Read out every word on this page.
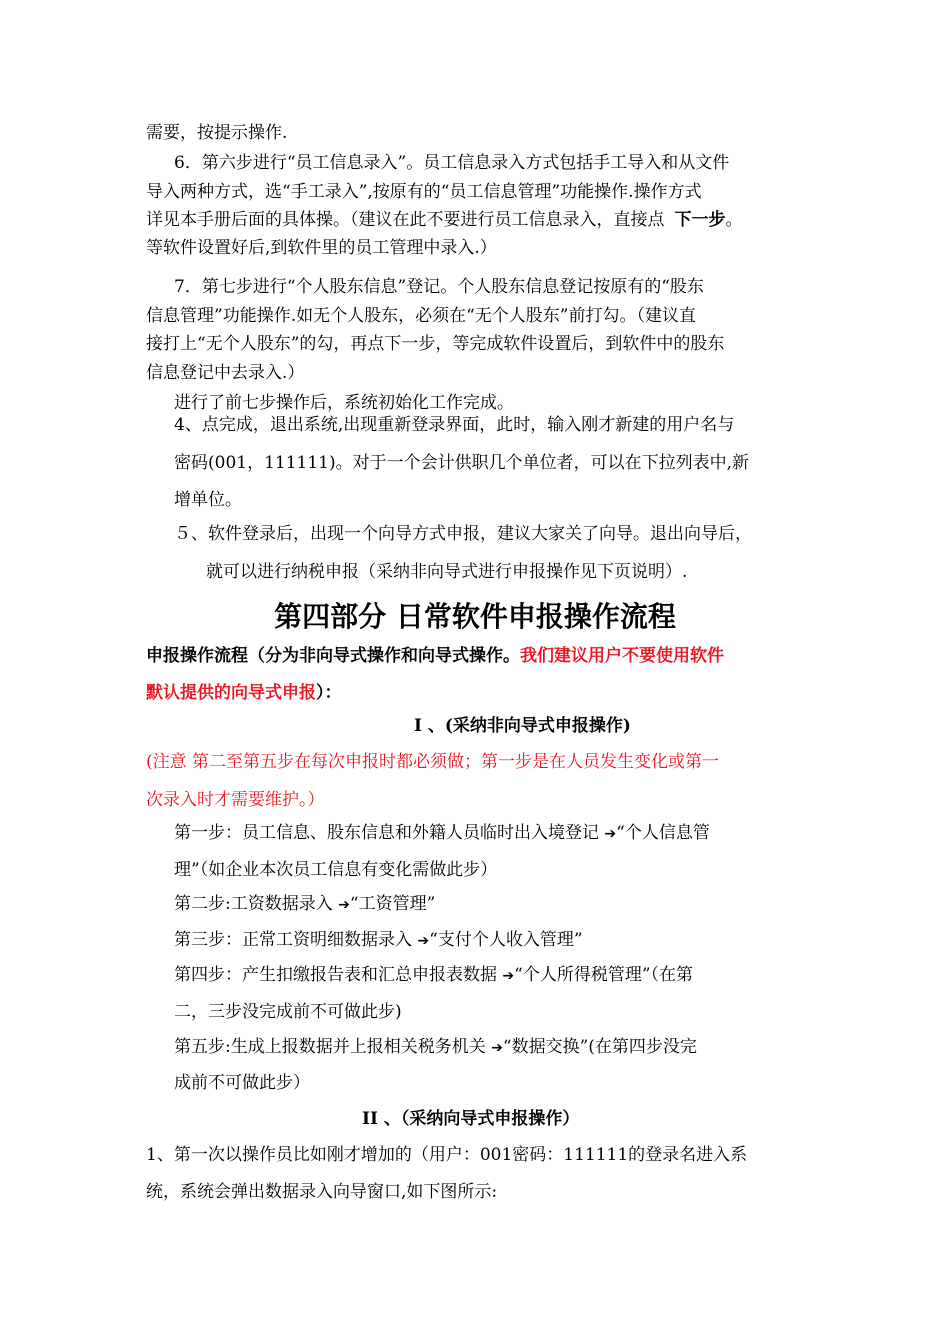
需要，按提示操作.
6．第六步进行“员工信息录入”。员工信息录入方式包括手工导入和从文件
导入两种方式，选“手工录入”,按原有的“员工信息管理”功能操作.操作方式
详见本手册后面的具体操。（建议在此不要进行员工信息录入，直接点 下一步。
等软件设置好后,到软件里的员工管理中录入.）
7．第七步进行“个人股东信息”登记。个人股东信息登记按原有的“股东
信息管理”功能操作.如无个人股东，必须在“无个人股东”前打勾。（建议直
接打上“无个人股东”的勾，再点下一步，等完成软件设置后，到软件中的股东
信息登记中去录入.）
进行了前七步操作后，系统初始化工作完成。
4、点完成，退出系统,出现重新登录界面，此时，输入刚才新建的用户名与
密码(001，111111)。对于一个会计供职几个单位者，可以在下拉列表中,新
增单位。
５、软件登录后，出现一个向导方式申报，建议大家关了向导。退出向导后，
就可以进行纳税申报（采纳非向导式进行申报操作见下页说明）.
第四部分 日常软件申报操作流程
申报操作流程（分为非向导式操作和向导式操作。我们建议用户不要使用软件
默认提供的向导式申报）：
Ⅰ 、(采纳非向导式申报操作)
(注意 第二至第五步在每次申报时都必须做；第一步是在人员发生变化或第一
次录入时才需要维护。）
第一步：员工信息、股东信息和外籍人员临时出入境登记 ➔“个人信息管
理”（如企业本次员工信息有变化需做此步）
第二步:工资数据录入 ➔“工资管理”
第三步：正常工资明细数据录入 ➔“支付个人收入管理”
第四步：产生扣缴报告表和汇总申报表数据 ➔“个人所得税管理”（在第
二，三步没完成前不可做此步)
第五步:生成上报数据并上报相关税务机关 ➔“数据交换”(在第四步没完
成前不可做此步）
II 、（采纳向导式申报操作）
1、第一次以操作员比如刚才增加的（用户：001密码：111111的登录名进入系
统，系统会弹出数据录入向导窗口,如下图所示:
